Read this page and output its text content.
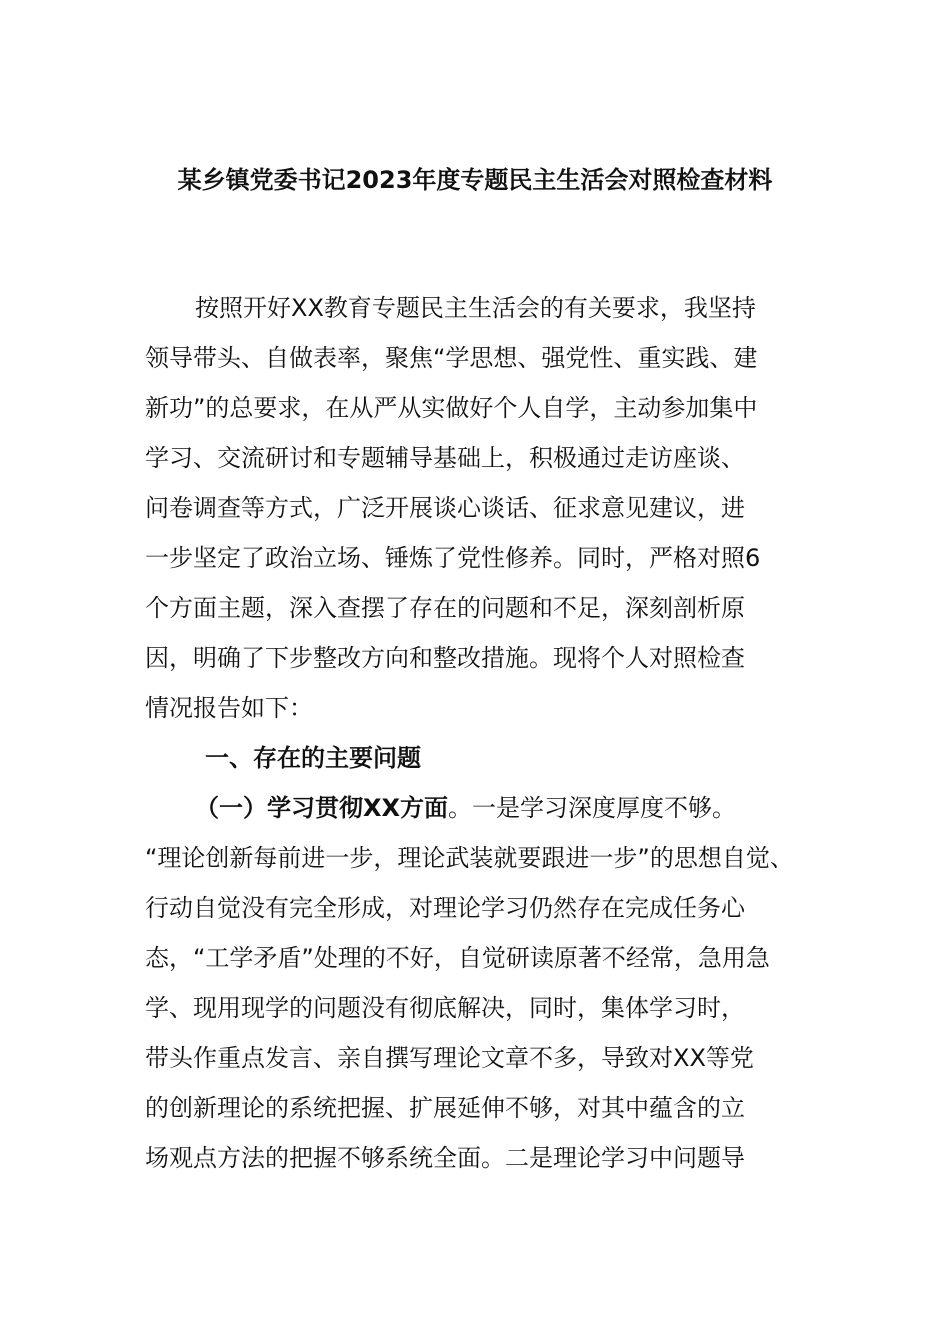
某乡镇党委书记2023年度专题民主生活会对照检查材料
按照开好XX教育专题民主生活会的有关要求，我坚持
领导带头、自做表率，聚焦“学思想、强党性、重实践、建
新功”的总要求，在从严从实做好个人自学，主动参加集中
学习、交流研讨和专题辅导基础上，积极通过走访座谈、
问卷调查等方式，广泛开展谈心谈话、征求意见建议，进
一步坚定了政治立场、锤炼了党性修养。同时，严格对照6
个方面主题，深入查摆了存在的问题和不足，深刻剖析原
因，明确了下步整改方向和整改措施。现将个人对照检查
情况报告如下：
一、存在的主要问题
（一）学习贯彻XX方面。一是学习深度厚度不够。
“理论创新每前进一步，理论武装就要跟进一步”的思想自觉、
行动自觉没有完全形成，对理论学习仍然存在完成任务心
态，“工学矛盾”处理的不好，自觉研读原著不经常，急用急
学、现用现学的问题没有彻底解决，同时，集体学习时，
带头作重点发言、亲自撰写理论文章不多，导致对XX等党
的创新理论的系统把握、扩展延伸不够，对其中蕴含的立
场观点方法的把握不够系统全面。二是理论学习中问题导
